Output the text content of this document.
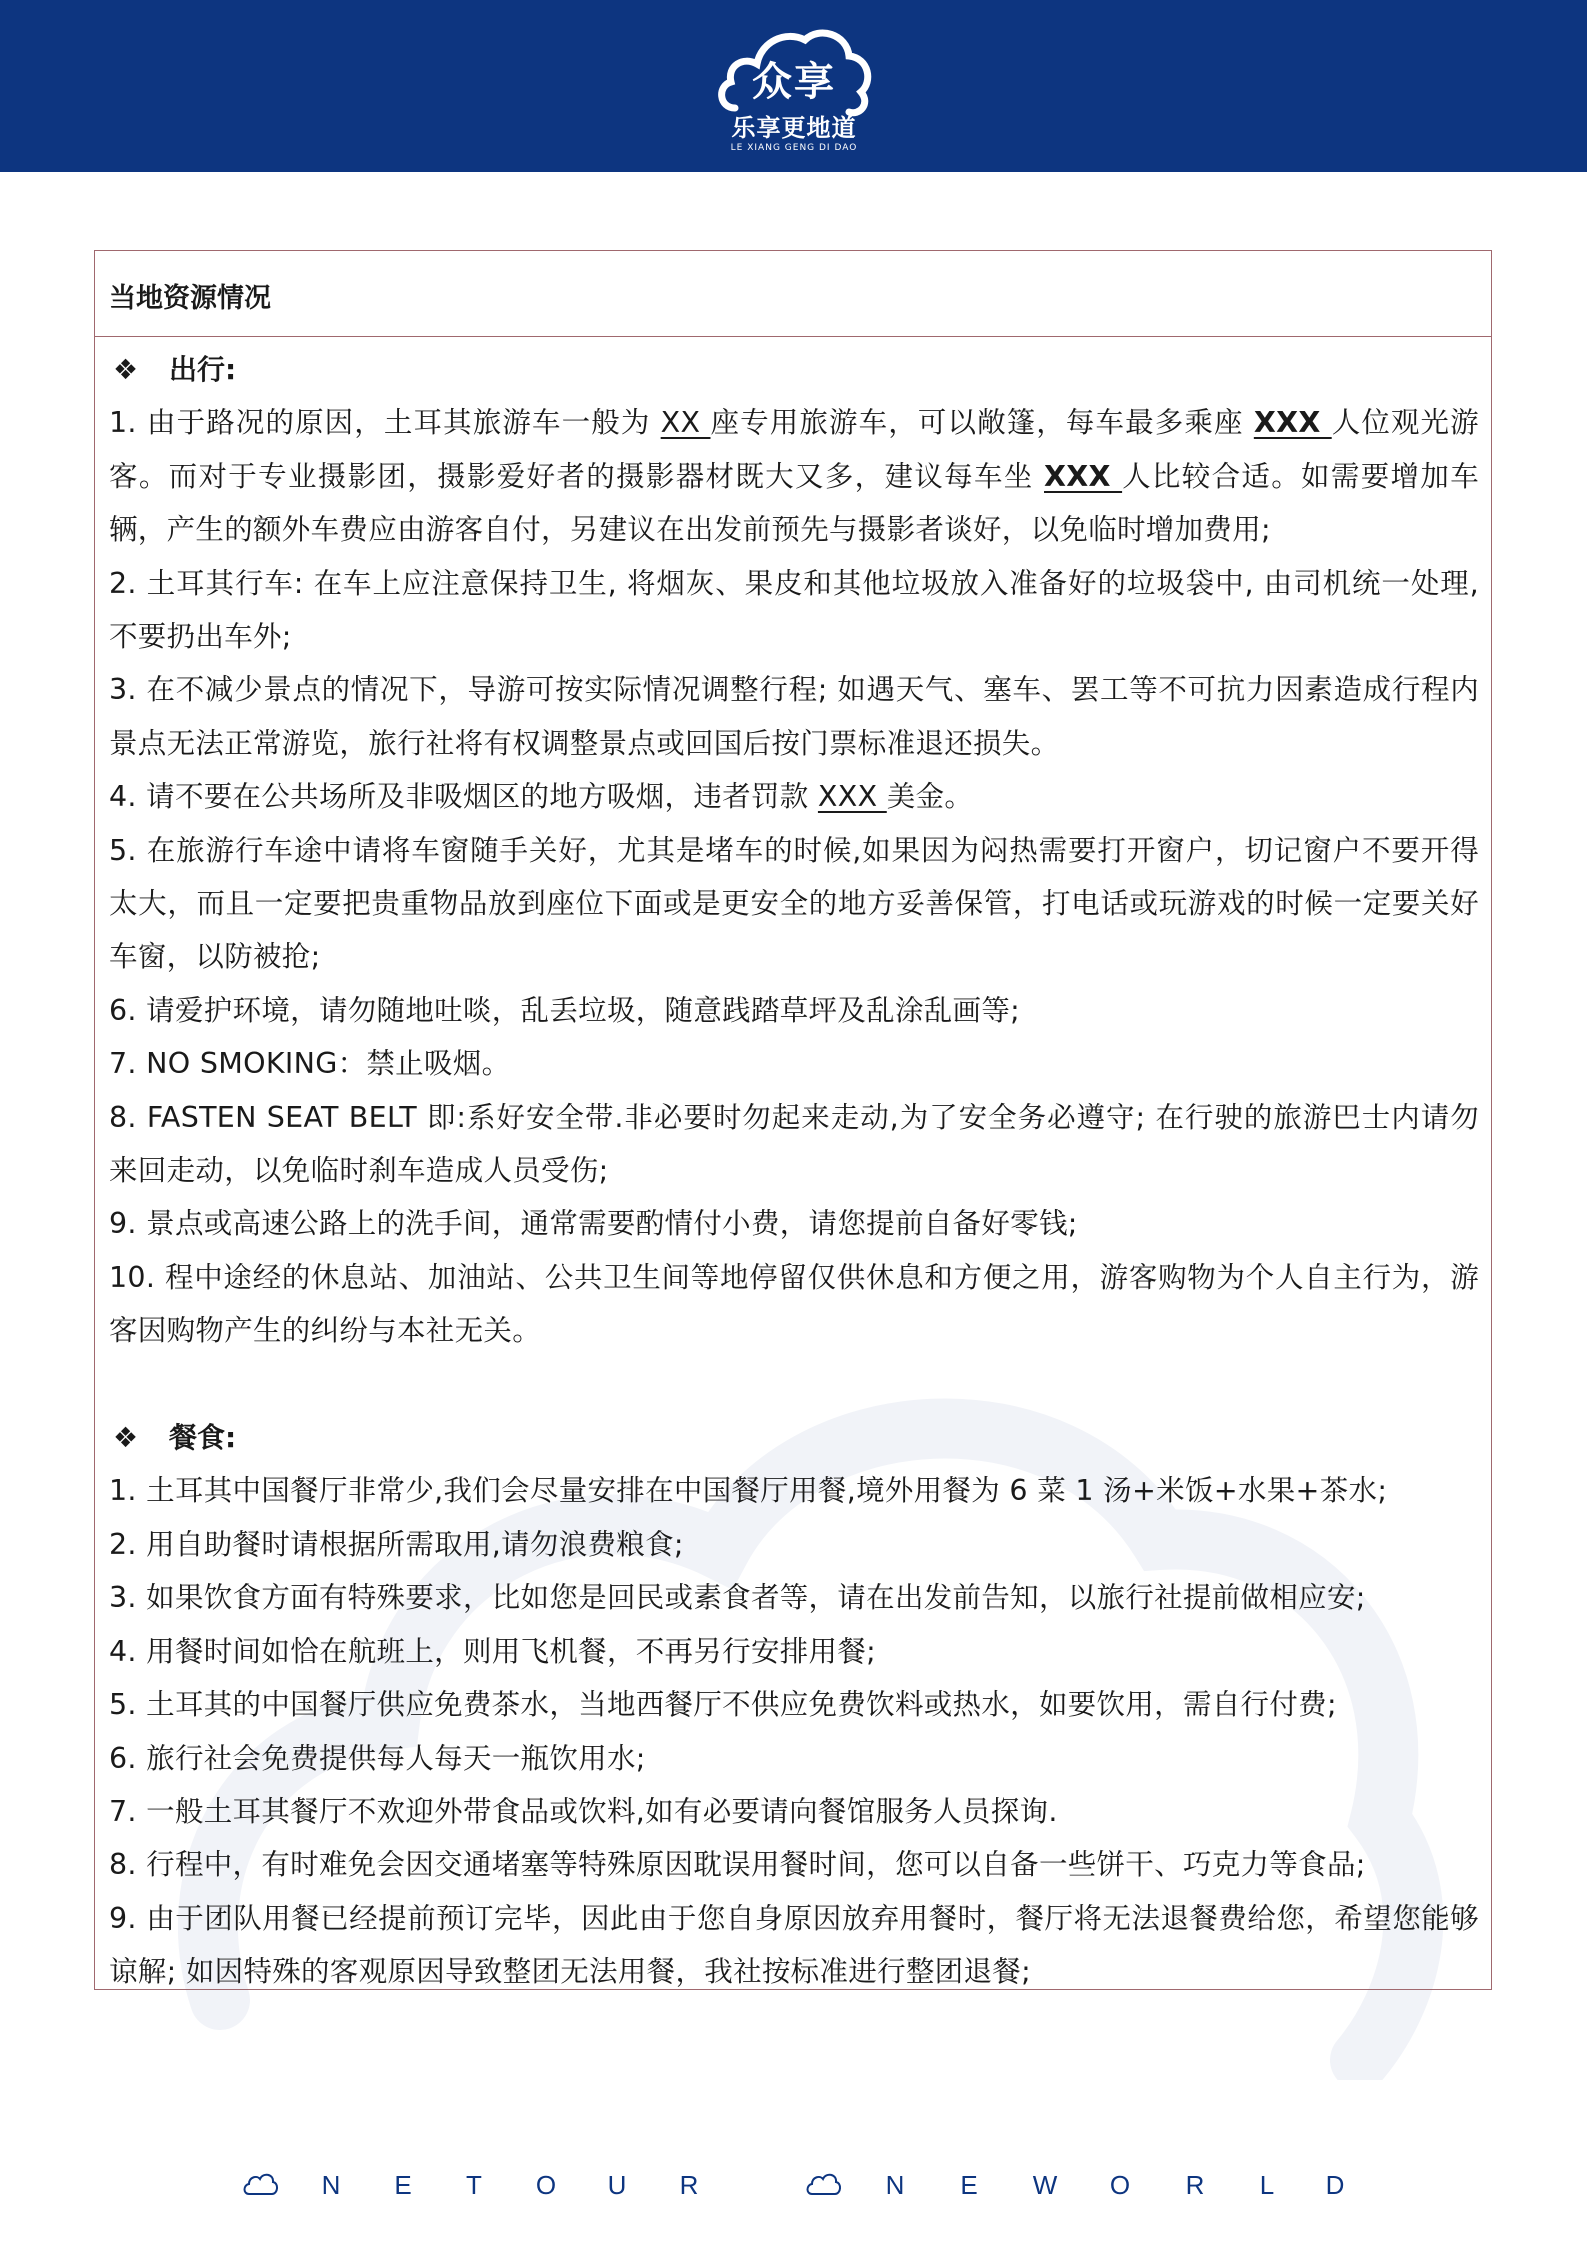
众享
乐享更地道
LE XIANG GENG DI DAO
当地资源情况
❖ 出行:
1. 由于路况的原因，土耳其旅游车一般为 XX 座专用旅游车，可以敞篷，每车最多乘座 XXX 人位观光游客。而对于专业摄影团，摄影爱好者的摄影器材既大又多，建议每车坐 XXX 人比较合适。如需要增加车辆，产生的额外车费应由游客自付，另建议在出发前预先与摄影者谈好，以免临时增加费用;
2. 土耳其行车: 在车上应注意保持卫生, 将烟灰、果皮和其他垃圾放入准备好的垃圾袋中, 由司机统一处理, 不要扔出车外;
3. 在不减少景点的情况下，导游可按实际情况调整行程; 如遇天气、塞车、罢工等不可抗力因素造成行程内景点无法正常游览，旅行社将有权调整景点或回国后按门票标准退还损失。
4. 请不要在公共场所及非吸烟区的地方吸烟，违者罚款 XXX 美金。
5. 在旅游行车途中请将车窗随手关好，尤其是堵车的时候,如果因为闷热需要打开窗户，切记窗户不要开得太大，而且一定要把贵重物品放到座位下面或是更安全的地方妥善保管，打电话或玩游戏的时候一定要关好车窗，以防被抢;
6. 请爱护环境，请勿随地吐啖，乱丢垃圾，随意践踏草坪及乱涂乱画等;
7. NO SMOKING：禁止吸烟。
8. FASTEN SEAT BELT 即:系好安全带.非必要时勿起来走动,为了安全务必遵守; 在行驶的旅游巴士内请勿来回走动，以免临时刹车造成人员受伤;
9. 景点或高速公路上的洗手间，通常需要酌情付小费，请您提前自备好零钱;
10. 程中途经的休息站、加油站、公共卫生间等地停留仅供休息和方便之用，游客购物为个人自主行为，游客因购物产生的纠纷与本社无关。
❖ 餐食:
1. 土耳其中国餐厅非常少,我们会尽量安排在中国餐厅用餐,境外用餐为 6 菜 1 汤+米饭+水果+茶水;
2. 用自助餐时请根据所需取用,请勿浪费粮食;
3. 如果饮食方面有特殊要求，比如您是回民或素食者等，请在出发前告知，以旅行社提前做相应安;
4. 用餐时间如恰在航班上，则用飞机餐，不再另行安排用餐;
5. 土耳其的中国餐厅供应免费茶水，当地西餐厅不供应免费饮料或热水，如要饮用，需自行付费;
6. 旅行社会免费提供每人每天一瓶饮用水;
7. 一般土耳其餐厅不欢迎外带食品或饮料,如有必要请向餐馆服务人员探询.
8. 行程中，有时难免会因交通堵塞等特殊原因耽误用餐时间，您可以自备一些饼干、巧克力等食品;
9. 由于团队用餐已经提前预订完毕，因此由于您自身原因放弃用餐时，餐厅将无法退餐费给您，希望您能够谅解; 如因特殊的客观原因导致整团无法用餐，我社按标准进行整团退餐;
N E T O U R	N E W O R L D
